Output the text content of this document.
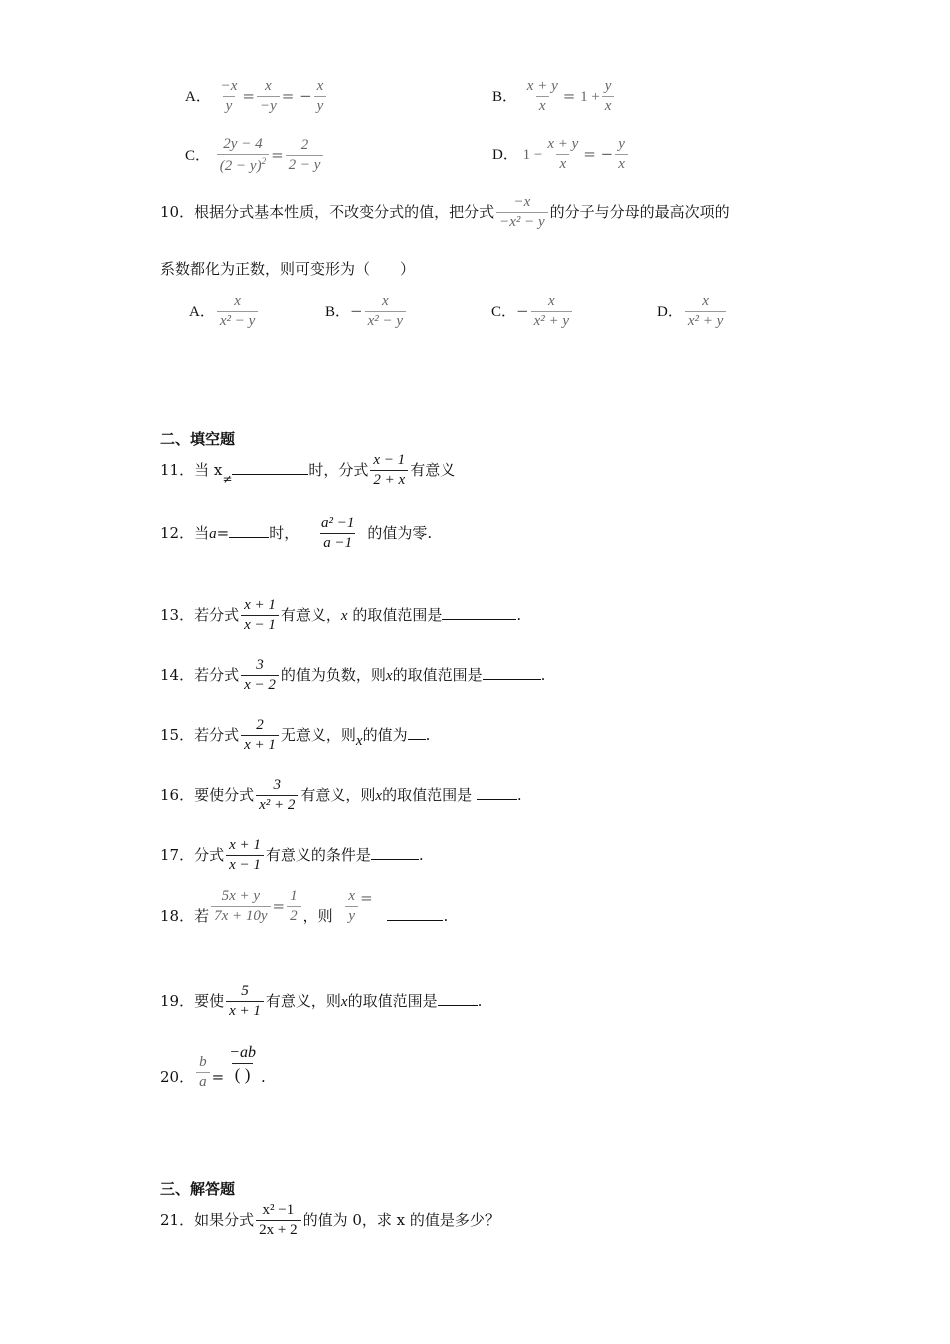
A． $\frac{-x}{y} = \frac{x}{-y}$ = − $\frac{x}{y}$	B． $\frac{x + y}{x} = 1 + \frac{y}{x}$
C． $\frac{2y - 4}{(2 - y)^2} = \frac{2}{2 - y}$	D． $1 - \frac{x + y}{x}$ = − $\frac{y}{x}$
10．根据分式基本性质，不改变分式的值，把分式 $\frac{-x}{\text{−x² − y}}$ 的分子与分母的最高次项的
系数都化为正数，则可变形为（　　）
A． $\frac{x}{\text{x² − y}}$	B．− $\frac{x}{\text{x² − y}}$	C．− $\frac{x}{\text{x² + y}}$	D． $\frac{x}{\text{x² + y}}$
二、填空题
11．当 $x_\ne$	时，分式 $\frac{x - 1}{2 + x}$ 有意义
12．当a=	时， $\frac{\text{a² −1}}{a -1}$ 的值为零.
13．若分式 $\frac{x + 1}{x - 1}$ 有意义，x 的取值范围是	.
14．若分式 $\frac{3}{x - 2}$ 的值为负数，则x的取值范围是	.
15．若分式 $\frac{2}{x + 1}$ 无意义，则x的值为 .
16．要使分式 $\frac{3}{\text{x² + 2}}$ 有意义，则x的取值范围是	.
17．分式 $\frac{x + 1}{x - 1}$ 有意义的条件是	.
18．若 $\frac{5x + y}{7x + 10y} = \frac{1}{2}$ ，则 $\frac{x}{y}$ = .
19．要使 $\frac{5}{x + 1}$ 有意义，则x的取值范围是	.
20． $\frac{b}{a} = \frac{-ab}{( )}$ .
三、解答题
21．如果分式 $\frac{\text{x² −1}}{2x + 2}$ 的值为 0，求 x 的值是多少？
